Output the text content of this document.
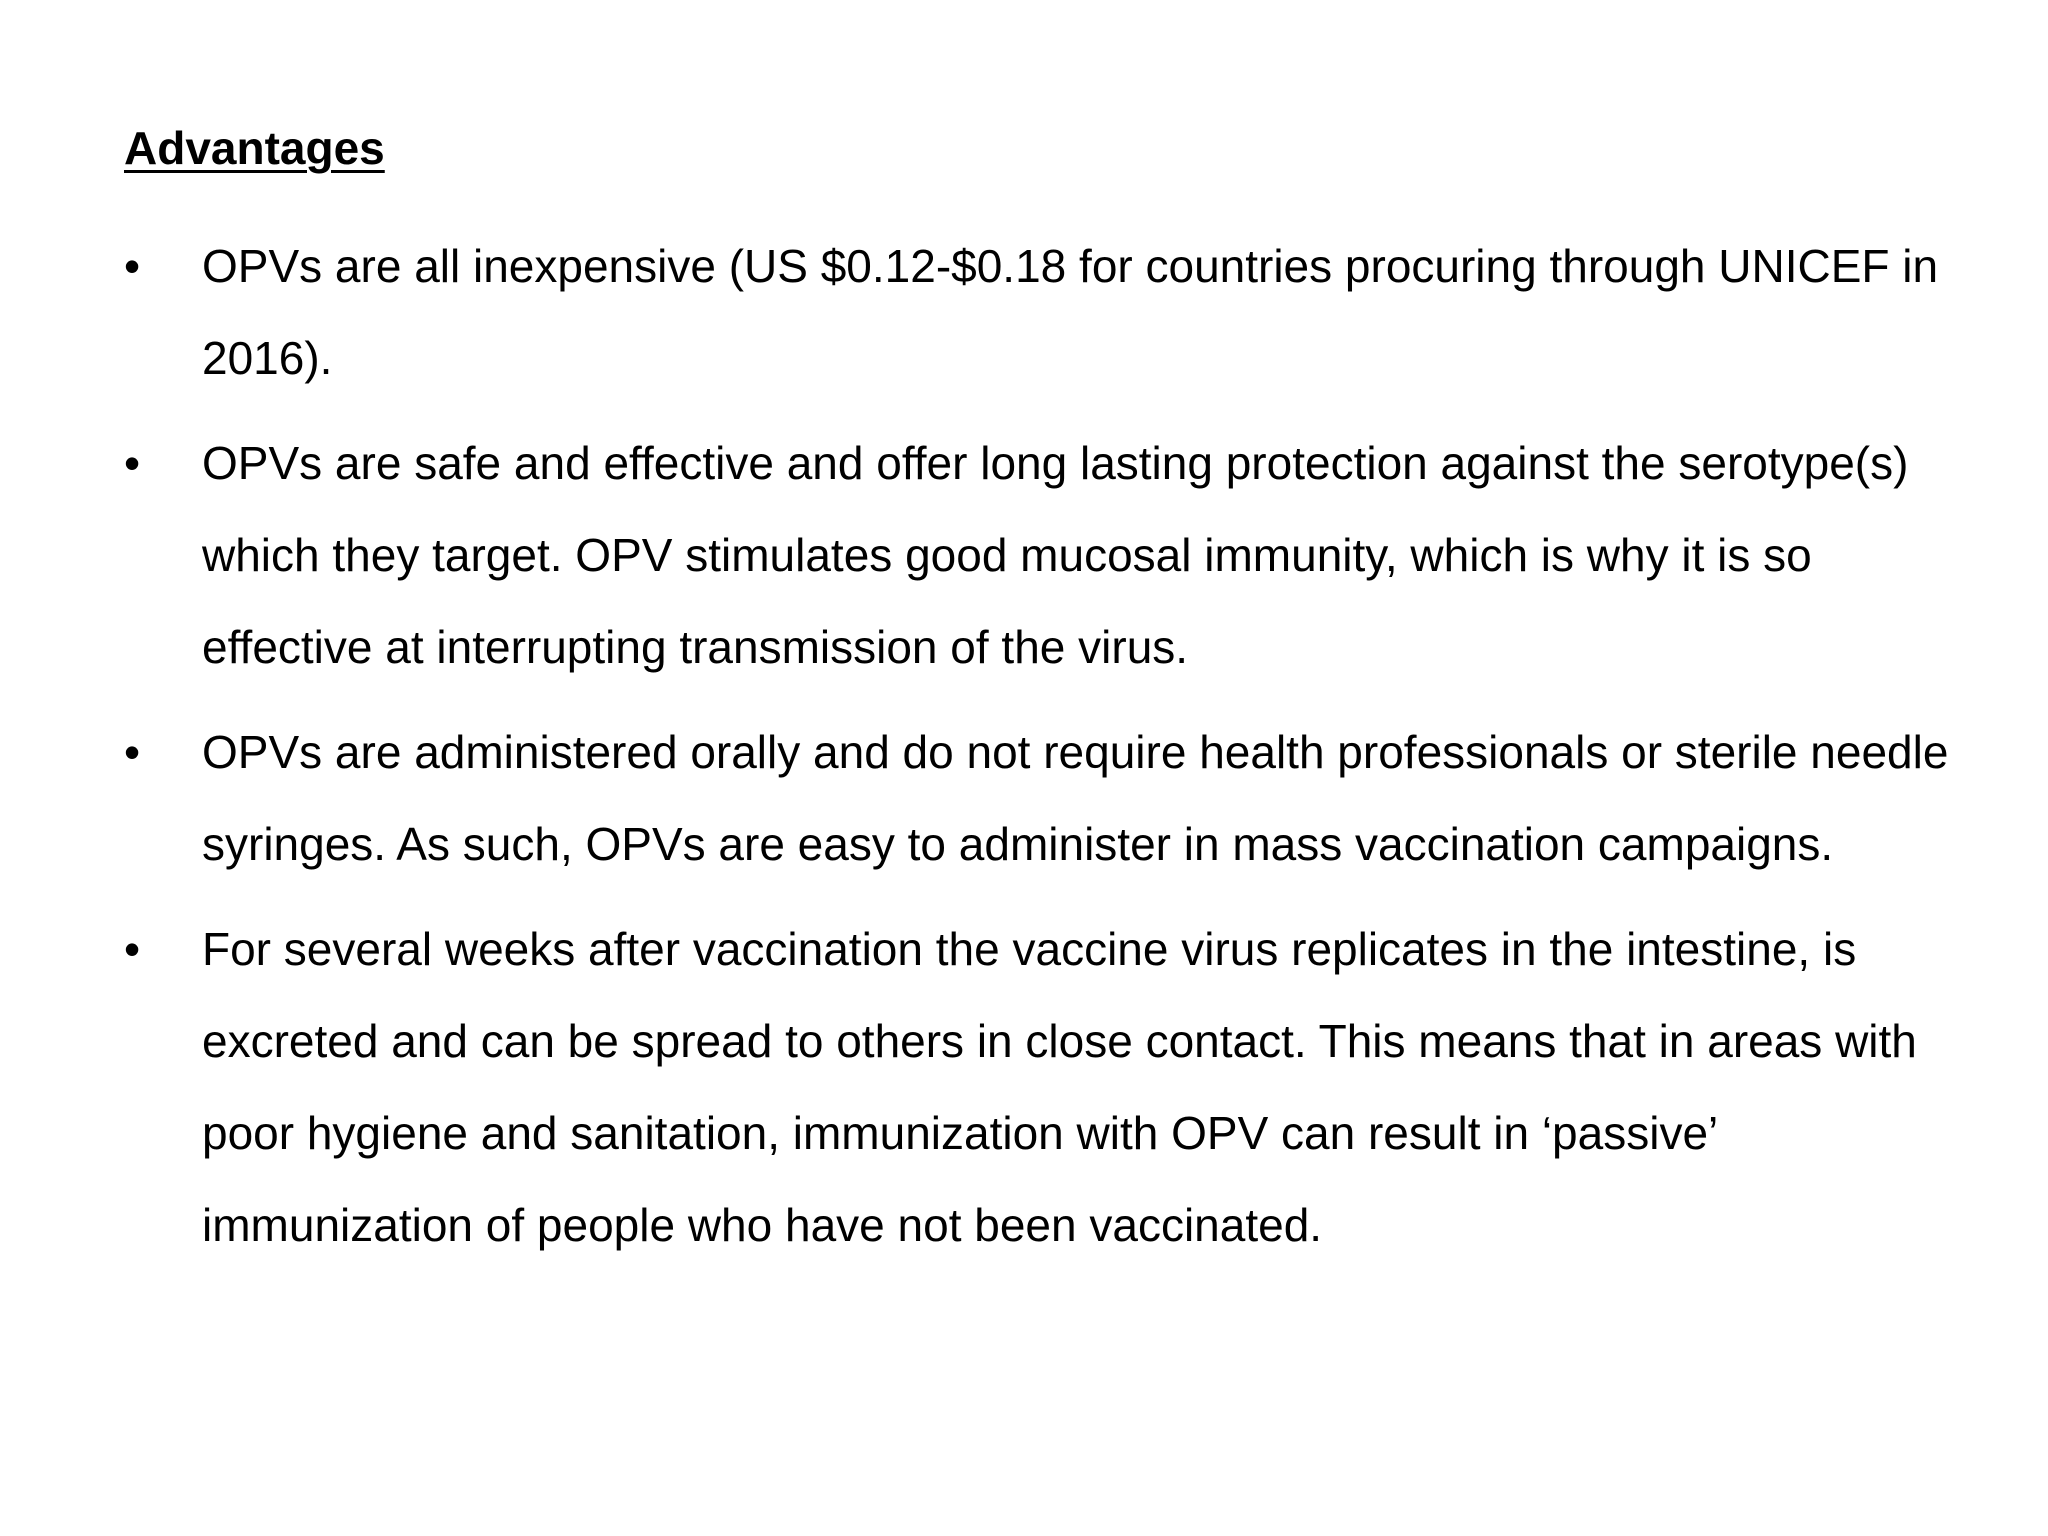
Advantages
•	OPVs are all inexpensive (US $0.12-$0.18 for countries procuring through UNICEF in 2016).
•	OPVs are safe and effective and offer long lasting protection against the serotype(s) which they target. OPV stimulates good mucosal immunity, which is why it is so effective at interrupting transmission of the virus.
•	OPVs are administered orally and do not require health professionals or sterile needle syringes. As such, OPVs are easy to administer in mass vaccination campaigns.
•	For several weeks after vaccination the vaccine virus replicates in the intestine, is excreted and can be spread to others in close contact. This means that in areas with poor hygiene and sanitation, immunization with OPV can result in ‘passive’ immunization of people who have not been vaccinated.
